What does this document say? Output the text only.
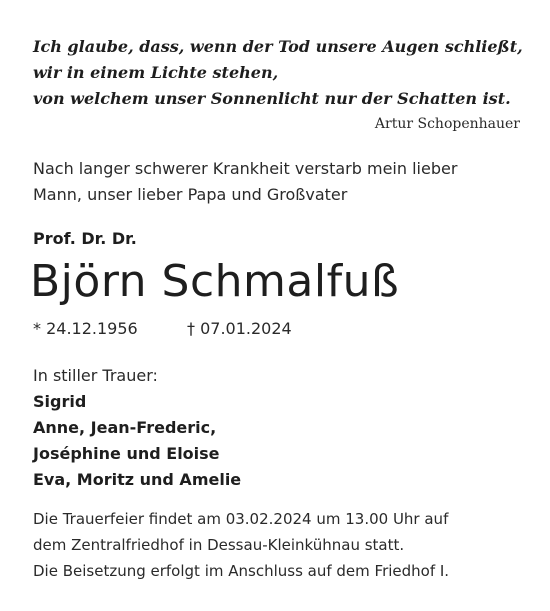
Ich glaube, dass, wenn der Tod unsere Augen schließt,
wir in einem Lichte stehen,
von welchem unser Sonnenlicht nur der Schatten ist.
Artur Schopenhauer
Nach langer schwerer Krankheit verstarb mein lieber
Mann, unser lieber Papa und Großvater
Prof. Dr. Dr.
Björn Schmalfuß
* 24.12.1956	† 07.01.2024
In stiller Trauer:
Sigrid
Anne, Jean-Frederic,
Joséphine und Eloise
Eva, Moritz und Amelie
Die Trauerfeier findet am 03.02.2024 um 13.00 Uhr auf
dem Zentralfriedhof in Dessau-Kleinkühnau statt.
Die Beisetzung erfolgt im Anschluss auf dem Friedhof I.
